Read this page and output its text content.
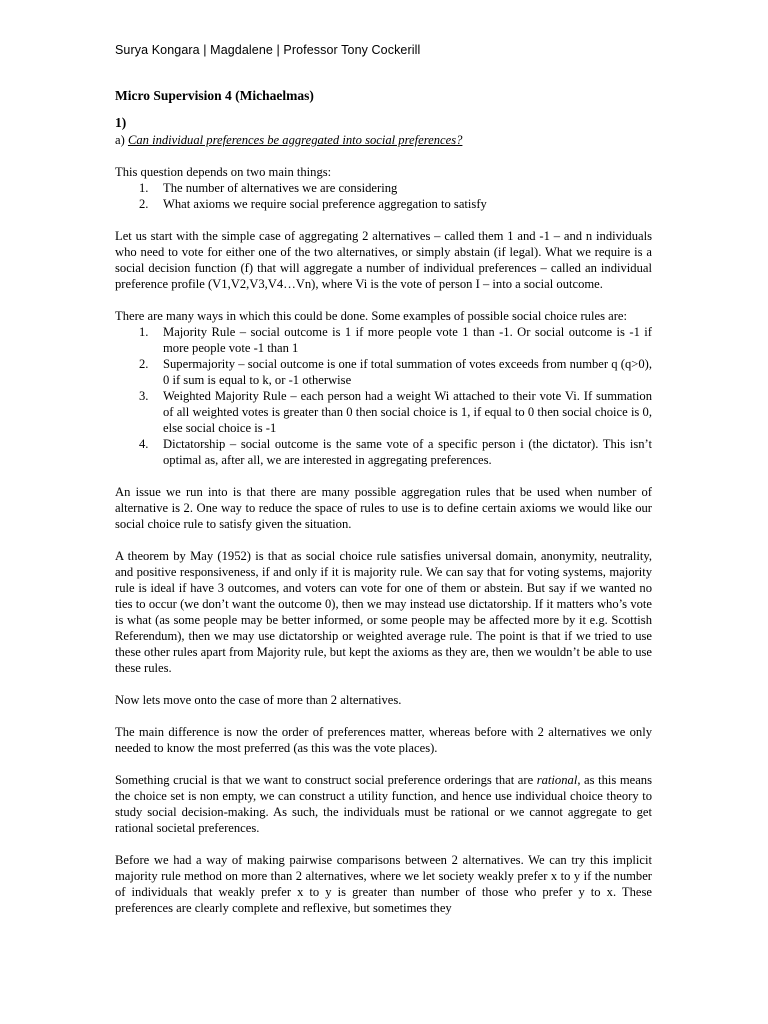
Surya Kongara | Magdalene | Professor Tony Cockerill
Micro Supervision 4 (Michaelmas)
1)

a) Can individual preferences be aggregated into social preferences?

This question depends on two main things:

1. The number of alternatives we are considering
2. What axioms we require social preference aggregation to satisfy

Let us start with the simple case of aggregating 2 alternatives – called them 1 and -1 – and n individuals who need to vote for either one of the two alternatives, or simply abstain (if legal). What we require is a social decision function (f) that will aggregate a number of individual preferences – called an individual preference profile (V1,V2,V3,V4…Vn), where Vi is the vote of person I – into a social outcome.

There are many ways in which this could be done. Some examples of possible social choice rules are:

1. Majority Rule – social outcome is 1 if more people vote 1 than -1. Or social outcome is -1 if more people vote -1 than 1
2. Supermajority – social outcome is one if total summation of votes exceeds from number q (q>0), 0 if sum is equal to k, or -1 otherwise
3. Weighted Majority Rule – each person had a weight Wi attached to their vote Vi. If summation of all weighted votes is greater than 0 then social choice is 1, if equal to 0 then social choice is 0, else social choice is -1
4. Dictatorship – social outcome is the same vote of a specific person i (the dictator). This isn’t optimal as, after all, we are interested in aggregating preferences.

An issue we run into is that there are many possible aggregation rules that be used when number of alternative is 2. One way to reduce the space of rules to use is to define certain axioms we would like our social choice rule to satisfy given the situation.

A theorem by May (1952) is that as social choice rule satisfies universal domain, anonymity, neutrality, and positive responsiveness, if and only if it is majority rule. We can say that for voting systems, majority rule is ideal if have 3 outcomes, and voters can vote for one of them or abstein. But say if we wanted no ties to occur (we don’t want the outcome 0), then we may instead use dictatorship. If it matters who’s vote is what (as some people may be better informed, or some people may be affected more by it e.g. Scottish Referendum), then we may use dictatorship or weighted average rule. The point is that if we tried to use these other rules apart from Majority rule, but kept the axioms as they are, then we wouldn’t be able to use these rules.

Now lets move onto the case of more than 2 alternatives.

The main difference is now the order of preferences matter, whereas before with 2 alternatives we only needed to know the most preferred (as this was the vote places).

Something crucial is that we want to construct social preference orderings that are rational, as this means the choice set is non empty, we can construct a utility function, and hence use individual choice theory to study social decision-making. As such, the individuals must be rational or we cannot aggregate to get rational societal preferences.

Before we had a way of making pairwise comparisons between 2 alternatives. We can try this implicit majority rule method on more than 2 alternatives, where we let society weakly prefer x to y if the number of individuals that weakly prefer x to y is greater than number of those who prefer y to x. These preferences are clearly complete and reflexive, but sometimes they
